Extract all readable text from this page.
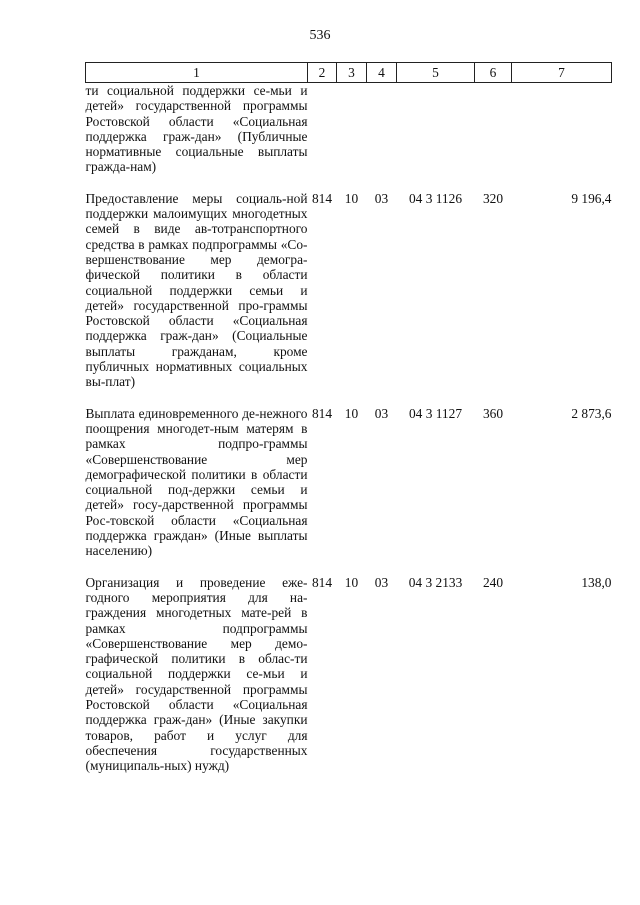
536
1	2	3	4	5	6	7
ти социальной поддержки се-мьи и детей» государственной программы Ростовской области «Социальная поддержка граж-дан» (Публичные нормативные социальные выплаты граждa-нам)						
Предоставление меры социаль-ной поддержки малоимущих многодетных семей в виде ав-тотранспортного средства в рамках подпрограммы «Со-вершенствование мер демогра-фической политики в области социальной поддержки семьи и детей» государственной про-граммы Ростовской области «Социальная поддержка граж-дан» (Социальные выплаты гражданам, кроме публичных нормативных социальных вы-плат)	814	10	03	04 3 1126	320	9 196,4
Выплата единовременного де-нежного поощрения многодет-ным матерям в рамках подпро-граммы «Совершенствование мер демографической политики в области социальной под-держки семьи и детей» госу-дарственной программы Рос-товской области «Социальная поддержка граждан» (Иные выплаты населению)	814	10	03	04 3 1127	360	2 873,6
Организация и проведение еже-годного мероприятия для на-граждения многодетных матe-рей в рамках подпрограммы «Совершенствование мер демо-графической политики в облас-ти социальной поддержки се-мьи и детей» государственной программы Ростовской области «Социальная поддержка граж-дан» (Иные закупки товаров, работ и услуг для обеспечения государственных (муниципаль-ных) нужд)	814	10	03	04 3 2133	240	138,0
